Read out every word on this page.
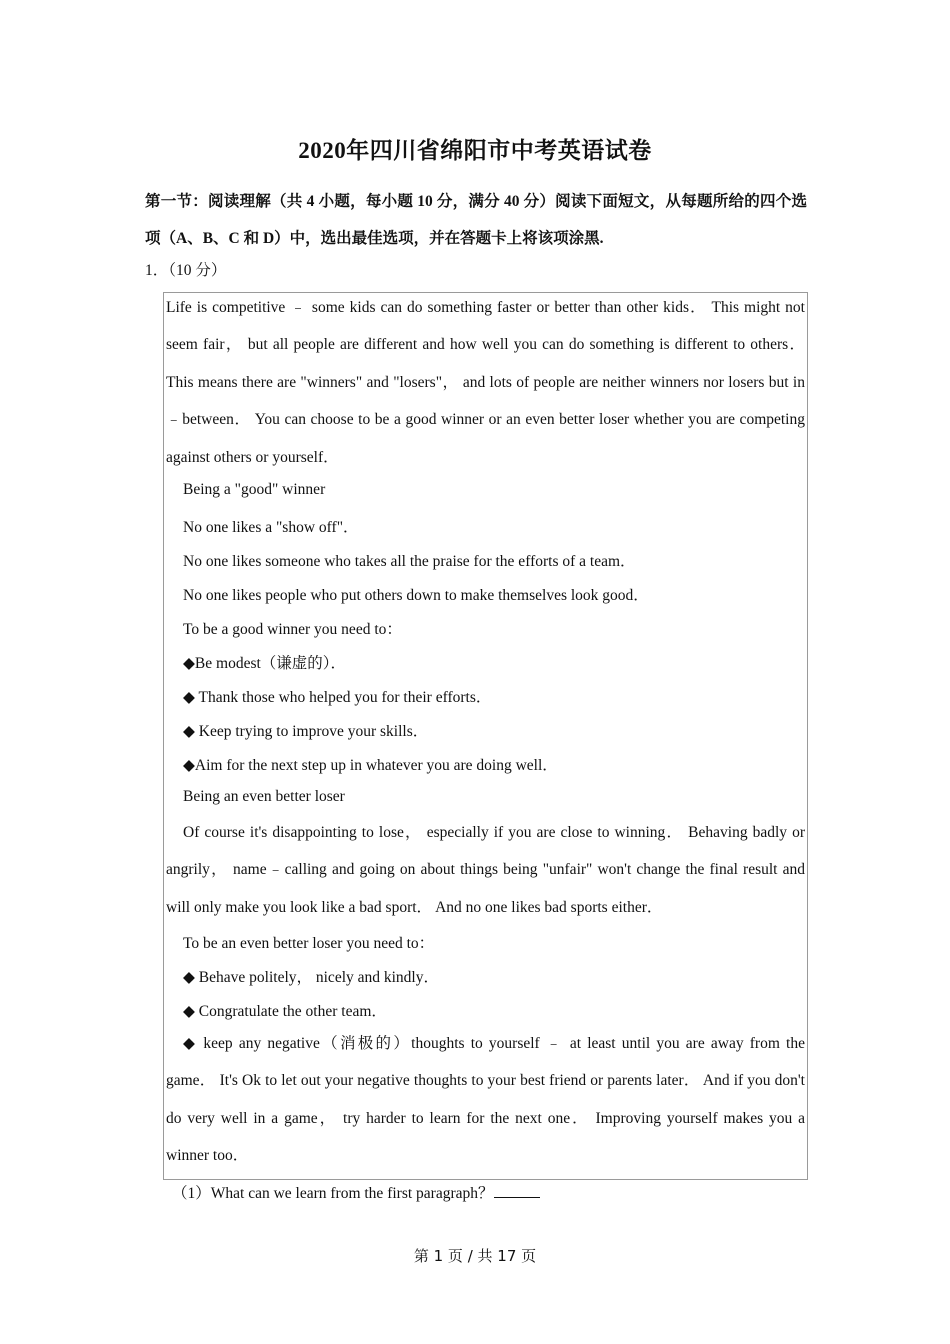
2020年四川省绵阳市中考英语试卷
第一节：阅读理解（共 4 小题，每小题 10 分，满分 40 分）阅读下面短文，从每题所给的四个选项（A、B、C 和 D）中，选出最佳选项，并在答题卡上将该项涂黑.
1．（10 分）
Life is competitive ﹣ some kids can do something faster or better than other kids． This might not seem fair， but all people are different and how well you can do something is different to others． This means there are "winners" and "losers"， and lots of people are neither winners nor losers but in﹣between． You can choose to be a good winner or an even better loser whether you are competing against others or yourself．
Being a "good" winner
No one likes a "show off"．
No one likes someone who takes all the praise for the efforts of a team．
No one likes people who put others down to make themselves look good．
To be a good winner you need to：
◆Be modest（谦虚的）．
◆ Thank those who helped you for their efforts．
◆ Keep trying to improve your skills．
◆Aim for the next step up in whatever you are doing well．
Being an even better loser
Of course it's disappointing to lose， especially if you are close to winning． Behaving badly or angrily， name﹣calling and going on about things being "unfair" won't change the final result and will only make you look like a bad sport． And no one likes bad sports either．
To be an even better loser you need to：
◆ Behave politely， nicely and kindly．
◆ Congratulate the other team．
◆ keep any negative（消极的）thoughts to yourself ﹣ at least until you are away from the game． It's Ok to let out your negative thoughts to your best friend or parents later． And if you don't do very well in a game， try harder to learn for the next one． Improving yourself makes you a winner too．
（1）What can we learn from the first paragraph？
第 1 页 / 共 17 页
